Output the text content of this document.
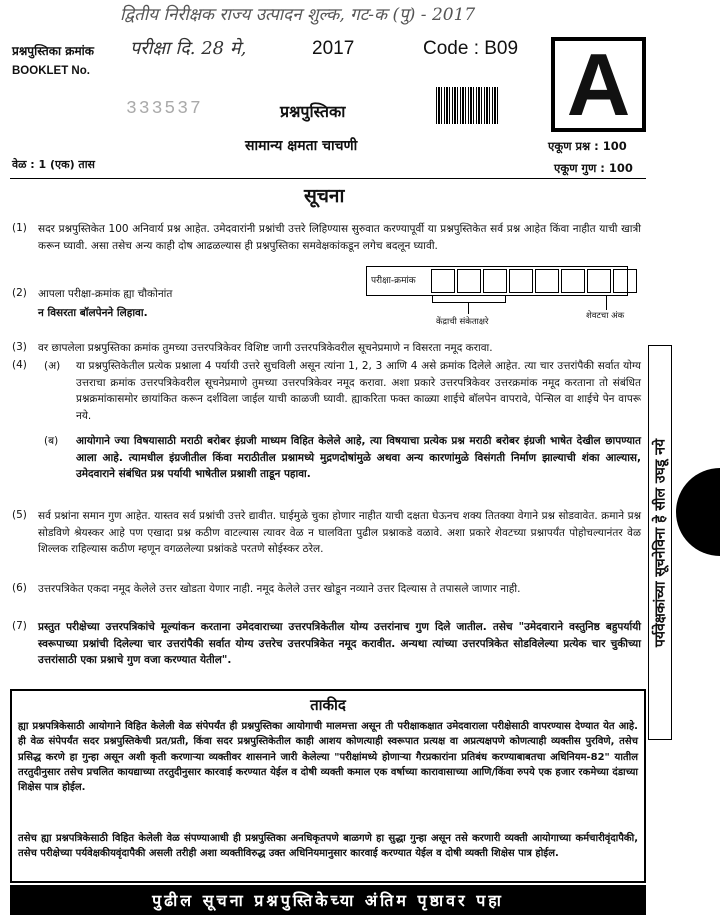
द्वितीय निरीक्षक राज्य उत्पादन शुल्क, गट-क (पु) - 2017
प्रश्नपुस्तिका क्रमांक परीक्षा दि. 28 मे,	2017	Code : B09
BOOKLET No.	A
333537	प्रश्नपुस्तिका
सामान्य क्षमता चाचणी	एकूण प्रश्न : 100
वेळ : 1 (एक) तास	एकूण गुण : 100
सूचना
(1) सदर प्रश्नपुस्तिकेत 100 अनिवार्य प्रश्न आहेत. उमेदवारांनी प्रश्नांची उत्तरे लिहिण्यास सुरुवात करण्यापूर्वी या प्रश्नपुस्तिकेत सर्व प्रश्न आहेत किंवा नाहीत याची खात्री करून घ्यावी. असा तसेच अन्य काही दोष आढळल्यास ही प्रश्नपुस्तिका समवेक्षकांकडून लगेच बदलून घ्यावी.
(2) आपला परीक्षा-क्रमांक ह्या चौकोनांत
न विसरता बॉलपेनने लिहावा.
परीक्षा-क्रमांक
केंद्राची संकेताक्षरे
शेवटचा अंक
(3) वर छापलेला प्रश्नपुस्तिका क्रमांक तुमच्या उत्तरपत्रिकेवर विशिष्ट जागी उत्तरपत्रिकेवरील सूचनेप्रमाणे न विसरता नमूद करावा.
(4) (अ) या प्रश्नपुस्तिकेतील प्रत्येक प्रश्नाला 4 पर्यायी उत्तरे सुचविली असून त्यांना 1, 2, 3 आणि 4 असे क्रमांक दिलेले आहेत. त्या चार उत्तरांपैकी सर्वात योग्य उत्तराचा क्रमांक उत्तरपत्रिकेवरील सूचनेप्रमाणे तुमच्या उत्तरपत्रिकेवर नमूद करावा. अशा प्रकारे उत्तरपत्रिकेवर उत्तरक्रमांक नमूद करताना तो संबंधित प्रश्नक्रमांकासमोर छायांकित करून दर्शविला जाईल याची काळजी घ्यावी. ह्याकरिता फक्त काळ्या शाईचे बॉलपेन वापरावे, पेन्सिल वा शाईचे पेन वापरू नये.
(ब) आयोगाने ज्या विषयासाठी मराठी बरोबर इंग्रजी माध्यम विहित केलेले आहे, त्या विषयाचा प्रत्येक प्रश्न मराठी बरोबर इंग्रजी भाषेत देखील छापण्यात आला आहे. त्यामधील इंग्रजीतील किंवा मराठीतील प्रश्नामध्ये मुद्रणदोषांमुळे अथवा अन्य कारणांमुळे विसंगती निर्माण झाल्याची शंका आल्यास, उमेदवाराने संबंधित प्रश्न पर्यायी भाषेतील प्रश्नाशी ताडून पहावा.
(5) सर्व प्रश्नांना समान गुण आहेत. यास्तव सर्व प्रश्नांची उत्तरे द्यावीत. घाईमुळे चुका होणार नाहीत याची दक्षता घेऊनच शक्य तितक्या वेगाने प्रश्न सोडवावेत. क्रमाने प्रश्न सोडविणे श्रेयस्कर आहे पण एखादा प्रश्न कठीण वाटल्यास त्यावर वेळ न घालविता पुढील प्रश्नाकडे वळावे. अशा प्रकारे शेवटच्या प्रश्नापर्यंत पोहोचल्यानंतर वेळ शिल्लक राहिल्यास कठीण म्हणून वगळलेल्या प्रश्नांकडे परतणे सोईस्कर ठरेल.
(6) उत्तरपत्रिकेत एकदा नमूद केलेले उत्तर खोडता येणार नाही. नमूद केलेले उत्तर खोडून नव्याने उत्तर दिल्यास ते तपासले जाणार नाही.
(7) प्रस्तुत परीक्षेच्या उत्तरपत्रिकांचे मूल्यांकन करताना उमेदवाराच्या उत्तरपत्रिकेतील योग्य उत्तरांनाच गुण दिले जातील. तसेच "उमेदवाराने वस्तुनिष्ठ बहुपर्यायी स्वरूपाच्या प्रश्नांची दिलेल्या चार उत्तरांपैकी सर्वात योग्य उत्तरेच उत्तरपत्रिकेत नमूद करावीत. अन्यथा त्यांच्या उत्तरपत्रिकेत सोडविलेल्या प्रत्येक चार चुकीच्या उत्तरांसाठी एका प्रश्नाचे गुण वजा करण्यात येतील".
ताकीद
ह्या प्रश्नपत्रिकेसाठी आयोगाने विहित केलेली वेळ संपेपर्यंत ही प्रश्नपुस्तिका आयोगाची मालमत्ता असून ती परीक्षाकक्षात उमेदवाराला परीक्षेसाठी वापरण्यास देण्यात येत आहे. ही वेळ संपेपर्यंत सदर प्रश्नपुस्तिकेची प्रत/प्रती, किंवा सदर प्रश्नपुस्तिकेतील काही आशय कोणत्याही स्वरूपात प्रत्यक्ष वा अप्रत्यक्षपणे कोणत्याही व्यक्तीस पुरविणे, तसेच प्रसिद्ध करणे हा गुन्हा असून अशी कृती करणाऱ्या व्यक्तीवर शासनाने जारी केलेल्या "परीक्षांमध्ये होणाऱ्या गैरप्रकारांना प्रतिबंध करण्याबाबतचा अधिनियम-82" यातील तरतुदीनुसार तसेच प्रचलित कायद्याच्या तरतुदीनुसार कारवाई करण्यात येईल व दोषी व्यक्ती कमाल एक वर्षाच्या कारावासाच्या आणि/किंवा रुपये एक हजार रकमेच्या दंडाच्या शिक्षेस पात्र होईल.
तसेच ह्या प्रश्नपत्रिकेसाठी विहित केलेली वेळ संपण्याआधी ही प्रश्नपुस्तिका अनधिकृतपणे बाळगणे हा सुद्धा गुन्हा असून तसे करणारी व्यक्ती आयोगाच्या कर्मचारीवृंदापैकी, तसेच परीक्षेच्या पर्यवेक्षकीयवृंदापैकी असली तरीही अशा व्यक्तीविरुद्ध उक्त अधिनियमानुसार कारवाई करण्यात येईल व दोषी व्यक्ती शिक्षेस पात्र होईल.
पुढील सूचना प्रश्नपुस्तिकेच्या अंतिम पृष्ठावर पहा
पर्यवेक्षकांच्या सूचनेविना हे सील उघडू नये
